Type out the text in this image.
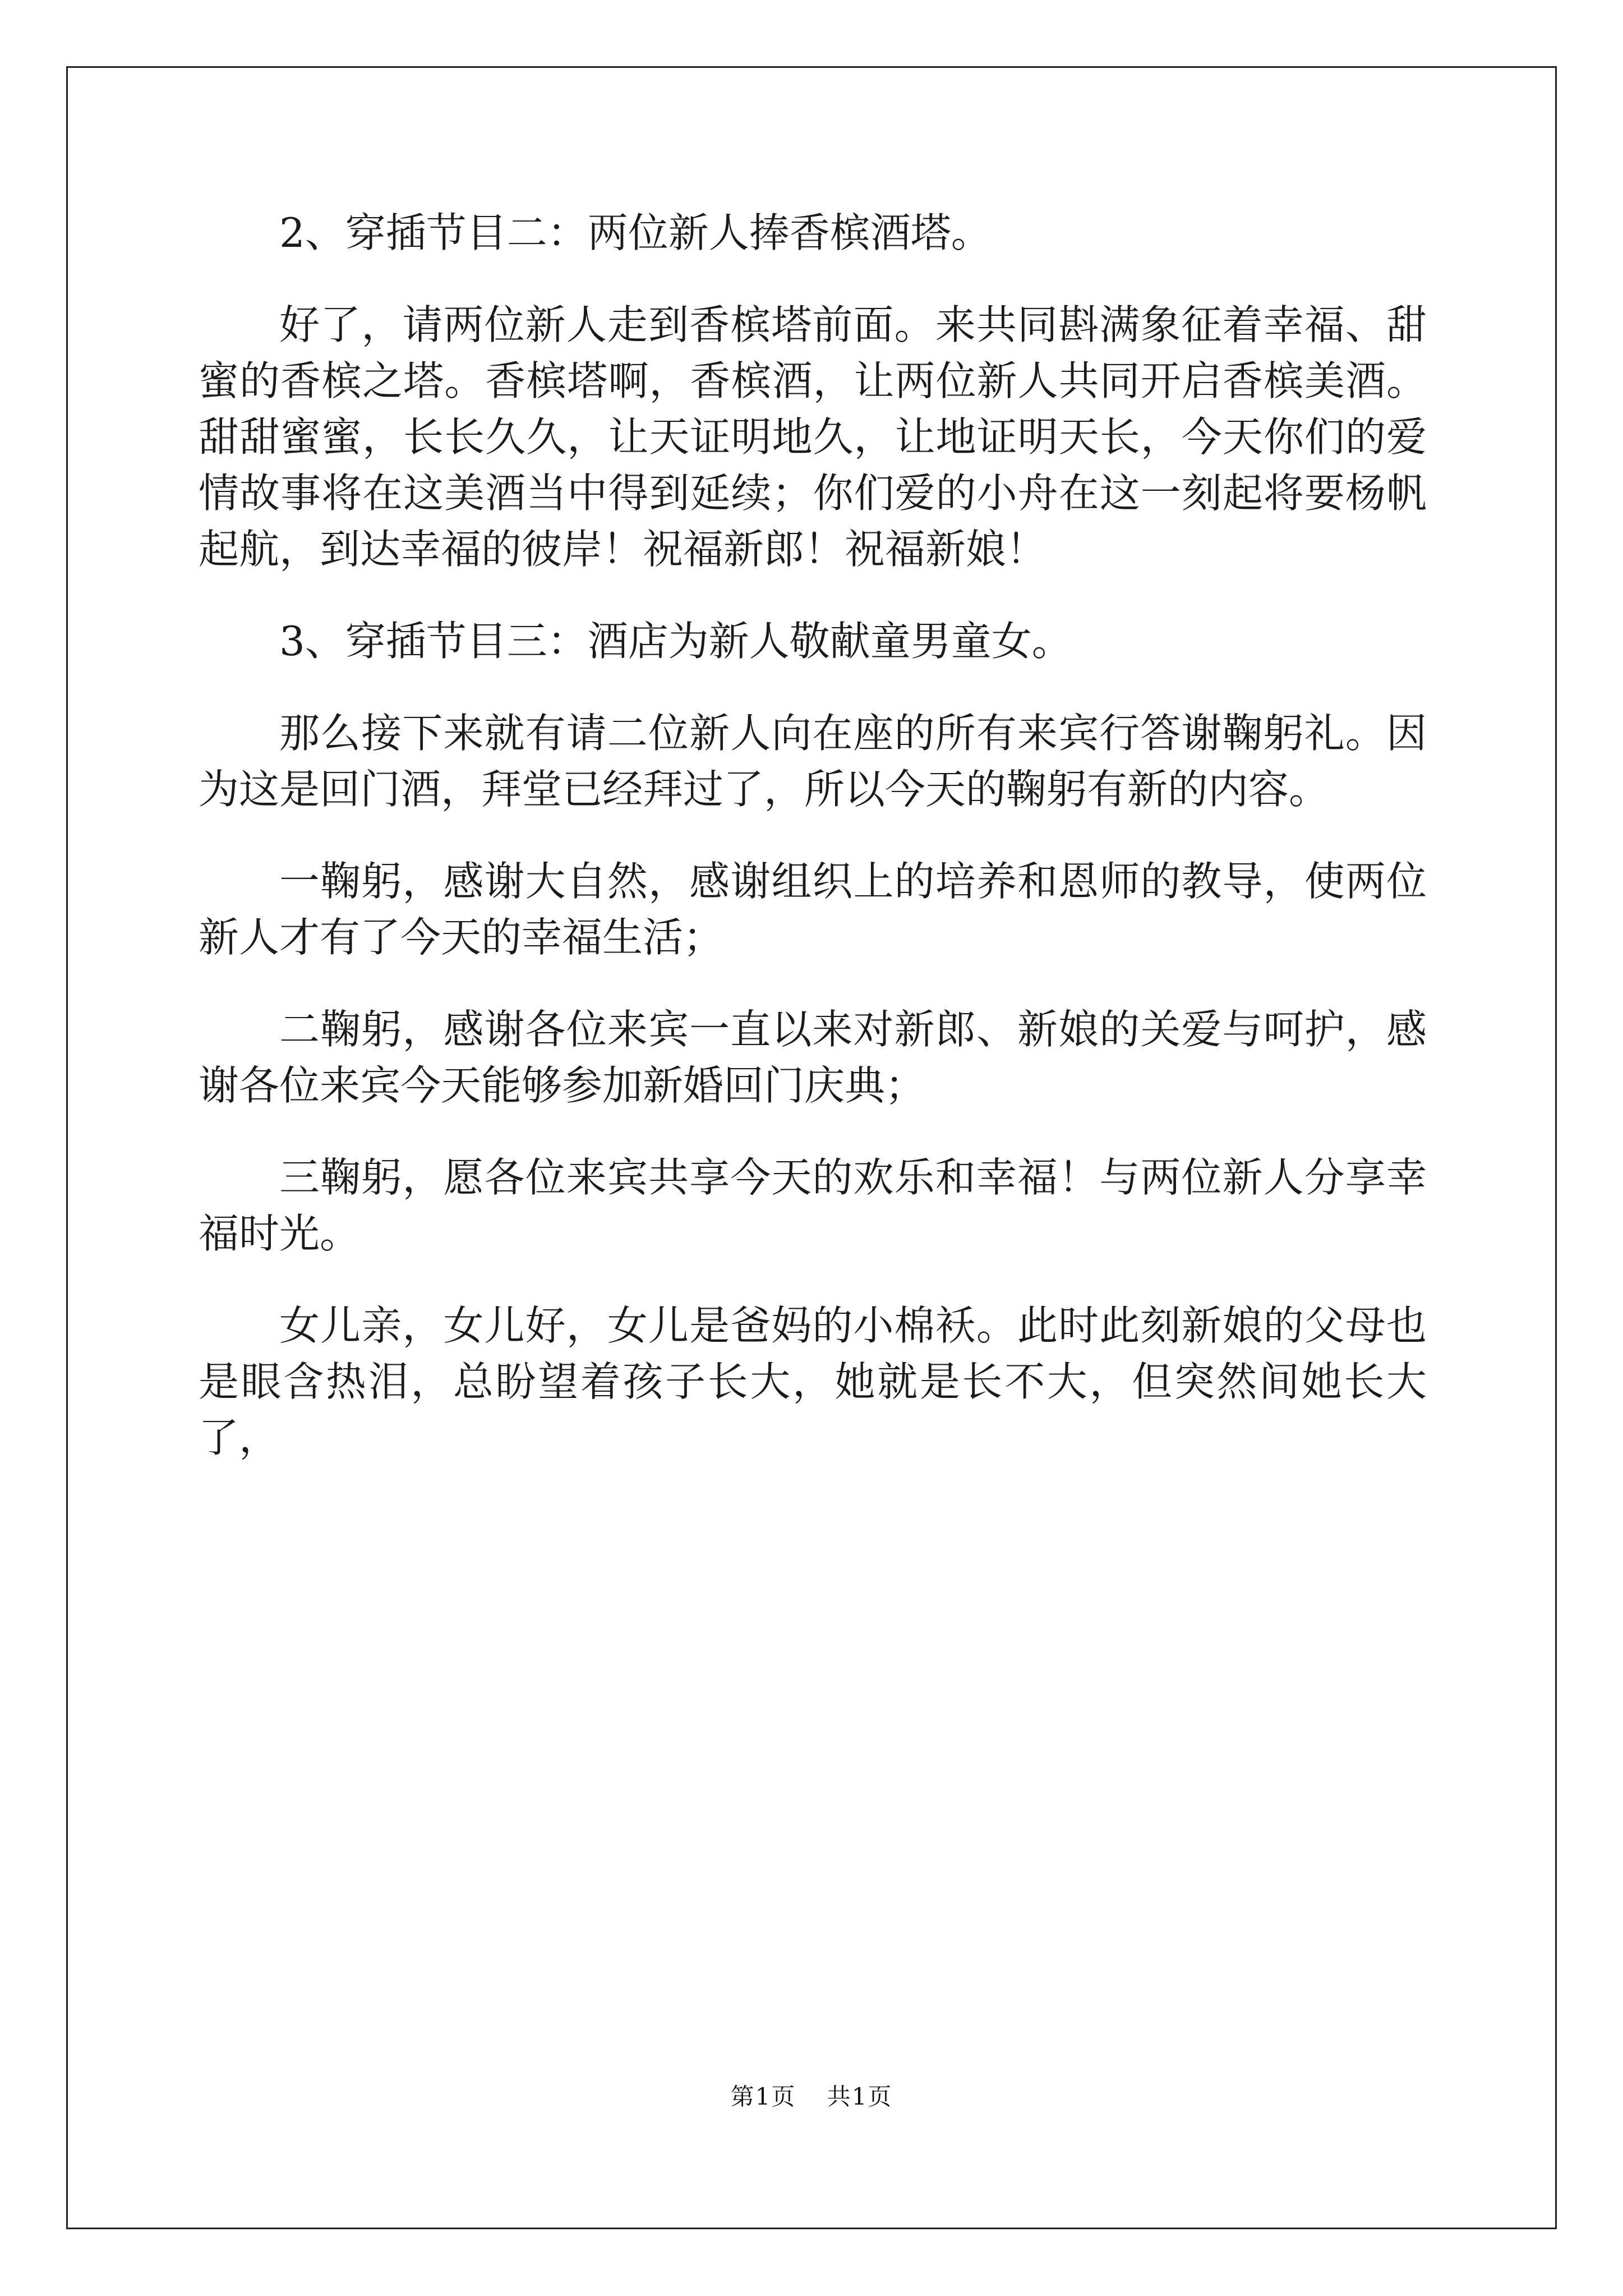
2、穿插节目二：两位新人捧香槟酒塔。

好了，请两位新人走到香槟塔前面。来共同斟满象征着幸福、甜蜜的香槟之塔。香槟塔啊，香槟酒，让两位新人共同开启香槟美酒。甜甜蜜蜜，长长久久，让天证明地久，让地证明天长，今天你们的爱情故事将在这美酒当中得到延续；你们爱的小舟在这一刻起将要杨帆起航，到达幸福的彼岸！祝福新郎！祝福新娘！

3、穿插节目三：酒店为新人敬献童男童女。

那么接下来就有请二位新人向在座的所有来宾行答谢鞠躬礼。因为这是回门酒，拜堂已经拜过了，所以今天的鞠躬有新的内容。

一鞠躬，感谢大自然，感谢组织上的培养和恩师的教导，使两位新人才有了今天的幸福生活；

二鞠躬，感谢各位来宾一直以来对新郎、新娘的关爱与呵护，感谢各位来宾今天能够参加新婚回门庆典；

三鞠躬，愿各位来宾共享今天的欢乐和幸福！与两位新人分享幸福时光。

女儿亲，女儿好，女儿是爸妈的小棉袄。此时此刻新娘的父母也是眼含热泪，总盼望着孩子长大，她就是长不大，但突然间她长大了，

第1页 共1页
